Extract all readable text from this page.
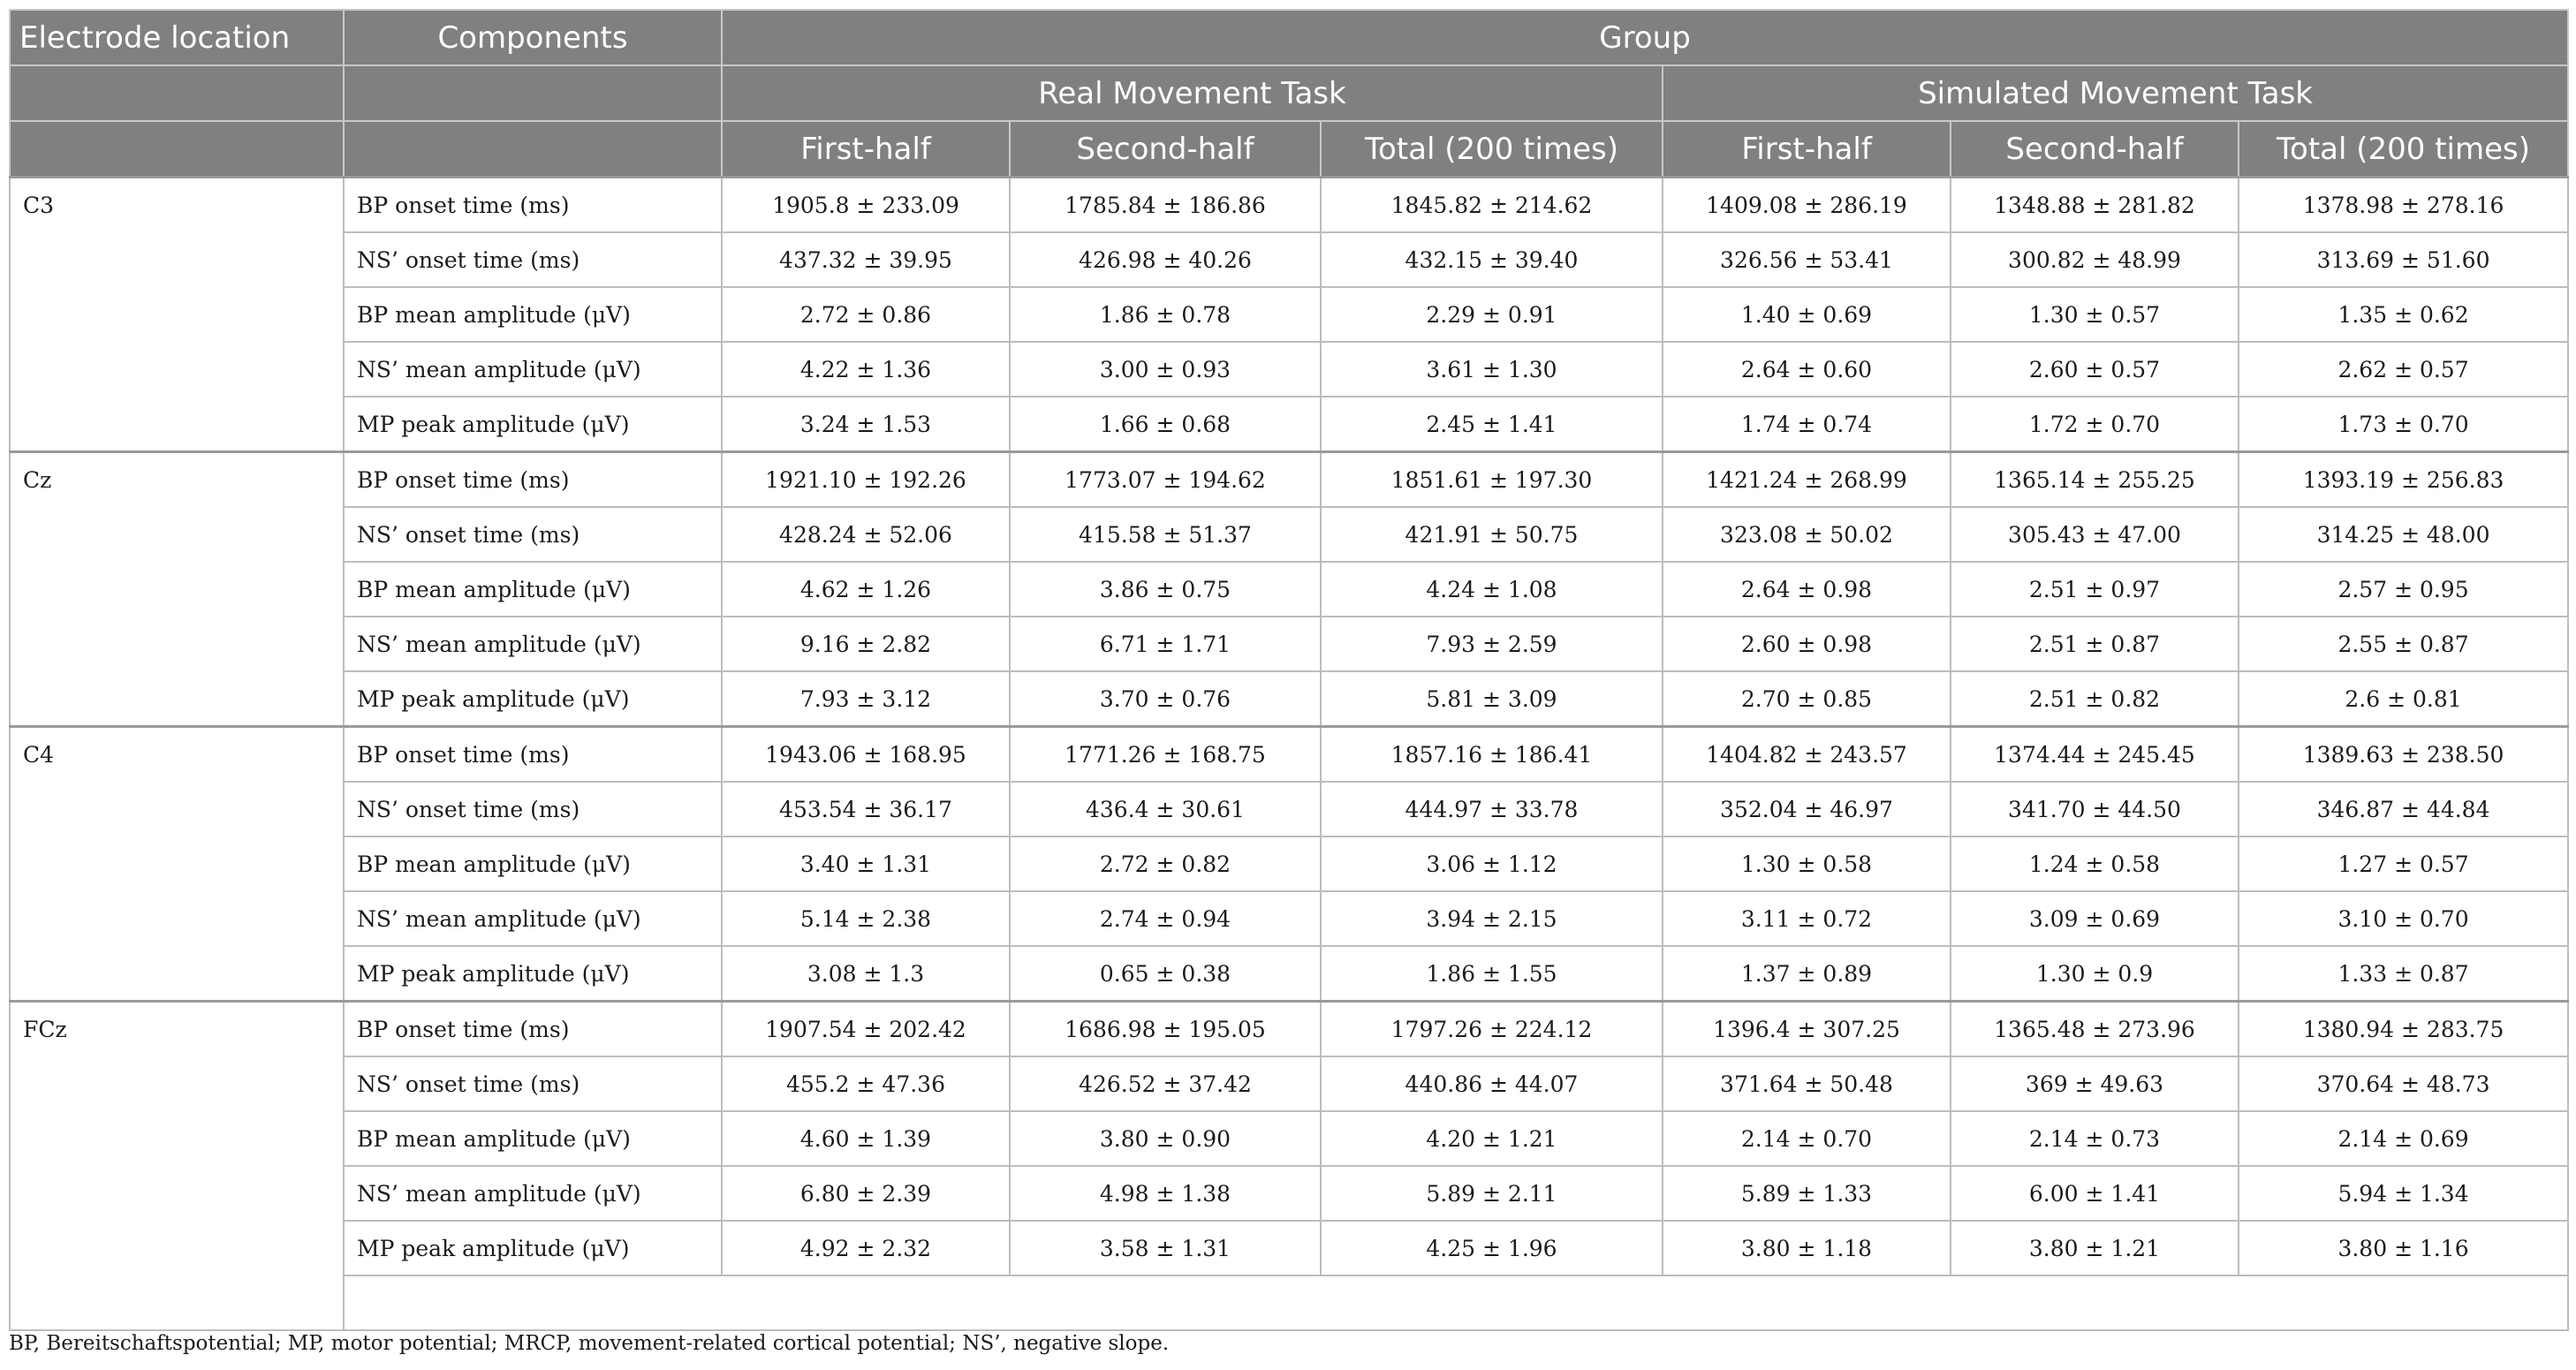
Electrode location	Components	Group					
		Real Movement Task			Simulated Movement Task		
		First-half	Second-half	Total (200 times)	First-half	Second-half	Total (200 times)
C3	BP onset time (ms)	1905.8 ± 233.09	1785.84 ± 186.86	1845.82 ± 214.62	1409.08 ± 286.19	1348.88 ± 281.82	1378.98 ± 278.16
	NS’ onset time (ms)	437.32 ± 39.95	426.98 ± 40.26	432.15 ± 39.40	326.56 ± 53.41	300.82 ± 48.99	313.69 ± 51.60
	BP mean amplitude (μV)	2.72 ± 0.86	1.86 ± 0.78	2.29 ± 0.91	1.40 ± 0.69	1.30 ± 0.57	1.35 ± 0.62
	NS’ mean amplitude (μV)	4.22 ± 1.36	3.00 ± 0.93	3.61 ± 1.30	2.64 ± 0.60	2.60 ± 0.57	2.62 ± 0.57
	MP peak amplitude (μV)	3.24 ± 1.53	1.66 ± 0.68	2.45 ± 1.41	1.74 ± 0.74	1.72 ± 0.70	1.73 ± 0.70
Cz	BP onset time (ms)	1921.10 ± 192.26	1773.07 ± 194.62	1851.61 ± 197.30	1421.24 ± 268.99	1365.14 ± 255.25	1393.19 ± 256.83
	NS’ onset time (ms)	428.24 ± 52.06	415.58 ± 51.37	421.91 ± 50.75	323.08 ± 50.02	305.43 ± 47.00	314.25 ± 48.00
	BP mean amplitude (μV)	4.62 ± 1.26	3.86 ± 0.75	4.24 ± 1.08	2.64 ± 0.98	2.51 ± 0.97	2.57 ± 0.95
	NS’ mean amplitude (μV)	9.16 ± 2.82	6.71 ± 1.71	7.93 ± 2.59	2.60 ± 0.98	2.51 ± 0.87	2.55 ± 0.87
	MP peak amplitude (μV)	7.93 ± 3.12	3.70 ± 0.76	5.81 ± 3.09	2.70 ± 0.85	2.51 ± 0.82	2.6 ± 0.81
C4	BP onset time (ms)	1943.06 ± 168.95	1771.26 ± 168.75	1857.16 ± 186.41	1404.82 ± 243.57	1374.44 ± 245.45	1389.63 ± 238.50
	NS’ onset time (ms)	453.54 ± 36.17	436.4 ± 30.61	444.97 ± 33.78	352.04 ± 46.97	341.70 ± 44.50	346.87 ± 44.84
	BP mean amplitude (μV)	3.40 ± 1.31	2.72 ± 0.82	3.06 ± 1.12	1.30 ± 0.58	1.24 ± 0.58	1.27 ± 0.57
	NS’ mean amplitude (μV)	5.14 ± 2.38	2.74 ± 0.94	3.94 ± 2.15	3.11 ± 0.72	3.09 ± 0.69	3.10 ± 0.70
	MP peak amplitude (μV)	3.08 ± 1.3	0.65 ± 0.38	1.86 ± 1.55	1.37 ± 0.89	1.30 ± 0.9	1.33 ± 0.87
FCz	BP onset time (ms)	1907.54 ± 202.42	1686.98 ± 195.05	1797.26 ± 224.12	1396.4 ± 307.25	1365.48 ± 273.96	1380.94 ± 283.75
	NS’ onset time (ms)	455.2 ± 47.36	426.52 ± 37.42	440.86 ± 44.07	371.64 ± 50.48	369 ± 49.63	370.64 ± 48.73
	BP mean amplitude (μV)	4.60 ± 1.39	3.80 ± 0.90	4.20 ± 1.21	2.14 ± 0.70	2.14 ± 0.73	2.14 ± 0.69
	NS’ mean amplitude (μV)	6.80 ± 2.39	4.98 ± 1.38	5.89 ± 2.11	5.89 ± 1.33	6.00 ± 1.41	5.94 ± 1.34
	MP peak amplitude (μV)	4.92 ± 2.32	3.58 ± 1.31	4.25 ± 1.96	3.80 ± 1.18	3.80 ± 1.21	3.80 ± 1.16

BP, Bereitschaftspotential; MP, motor potential; MRCP, movement-related cortical potential; NS’, negative slope.
